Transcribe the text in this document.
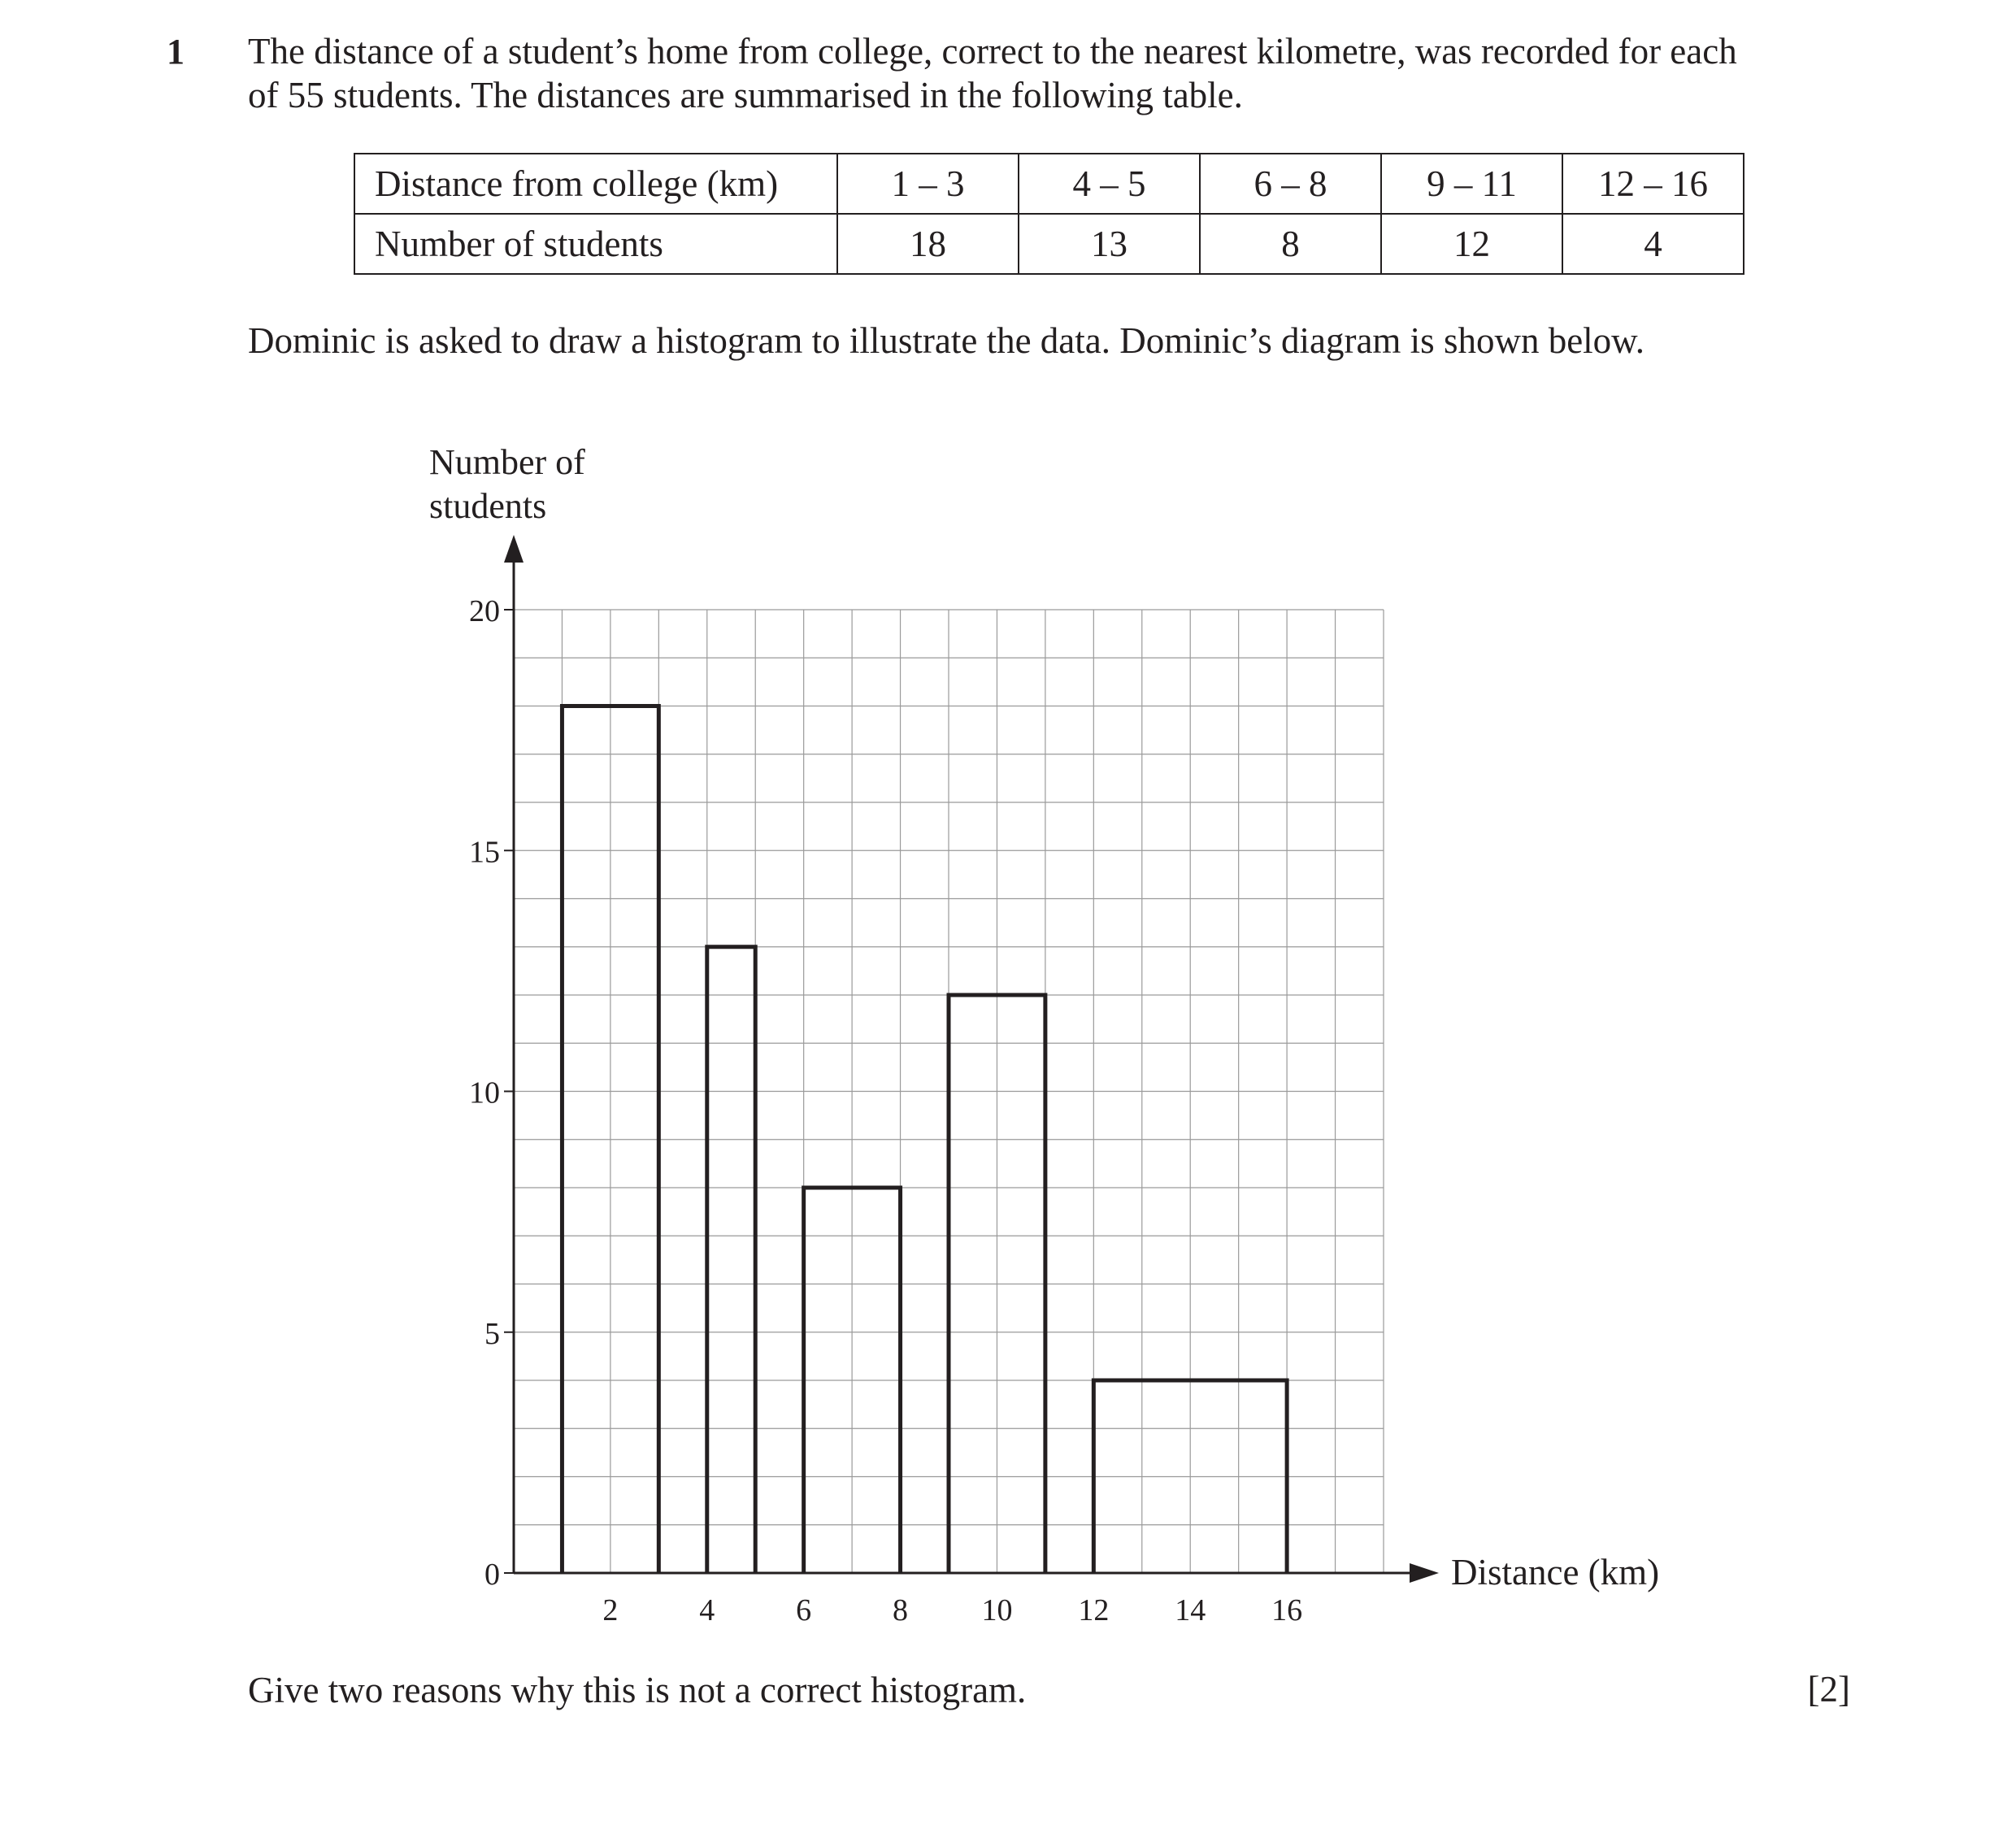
1 The distance of a student’s home from college, correct to the nearest kilometre, was recorded for each
of 55 students. The distances are summarised in the following table.
Distance from college (km)	1 – 3	4 – 5	6 – 8	9 – 11	12 – 16
Number of students	18	13	8	12	4
Dominic is asked to draw a histogram to illustrate the data. Dominic’s diagram is shown below.
2	4	6	8 10 12 14 16
0
5
10
15
20
Number of
students
Distance (km)
Give two reasons why this is not a correct histogram.	[2]
